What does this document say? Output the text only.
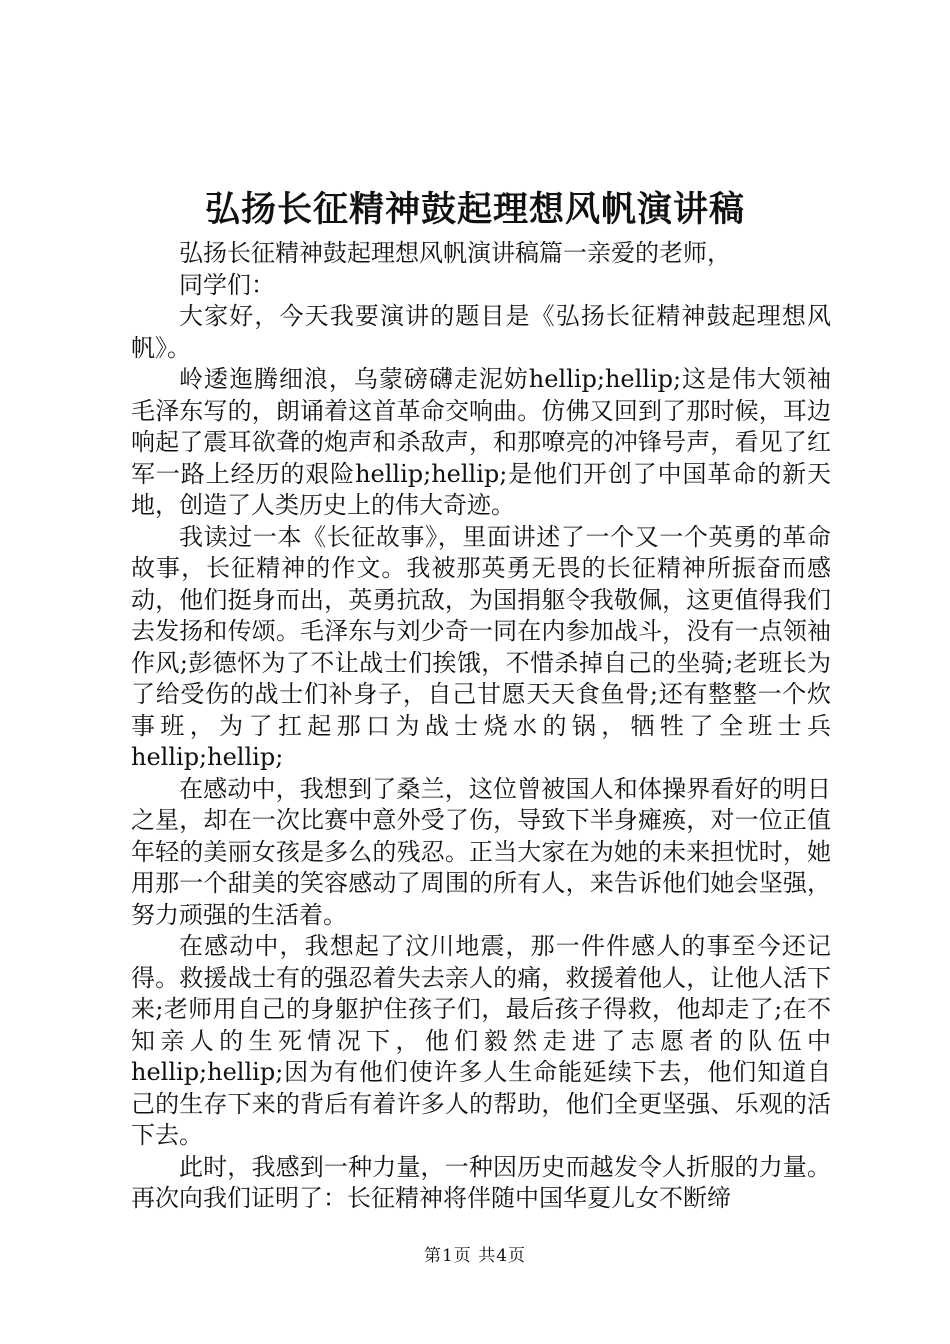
弘扬长征精神鼓起理想风帆演讲稿

弘扬长征精神鼓起理想风帆演讲稿篇一亲爱的老师，

同学们：

大家好，今天我要演讲的题目是《弘扬长征精神鼓起理想风帆》。

岭逶迤腾细浪，乌蒙磅礴走泥妨hellip;hellip;这是伟大领袖毛泽东写的，朗诵着这首革命交响曲。仿佛又回到了那时候，耳边响起了震耳欲聋的炮声和杀敌声，和那嘹亮的冲锋号声，看见了红军一路上经历的艰险hellip;hellip;是他们开创了中国革命的新天地，创造了人类历史上的伟大奇迹。

我读过一本《长征故事》，里面讲述了一个又一个英勇的革命故事，长征精神的作文。我被那英勇无畏的长征精神所振奋而感动，他们挺身而出，英勇抗敌，为国捐躯令我敬佩，这更值得我们去发扬和传颂。毛泽东与刘少奇一同在内参加战斗，没有一点领袖作风;彭德怀为了不让战士们挨饿，不惜杀掉自己的坐骑;老班长为了给受伤的战士们补身子，自己甘愿天天食鱼骨;还有整整一个炊事班，为了扛起那口为战士烧水的锅，牺牲了全班士兵hellip;hellip;

在感动中，我想到了桑兰，这位曾被国人和体操界看好的明日之星，却在一次比赛中意外受了伤，导致下半身瘫痪，对一位正值年轻的美丽女孩是多么的残忍。正当大家在为她的未来担忧时，她用那一个甜美的笑容感动了周围的所有人，来告诉他们她会坚强，努力顽强的生活着。

在感动中，我想起了汶川地震，那一件件感人的事至今还记得。救援战士有的强忍着失去亲人的痛，救援着他人，让他人活下来;老师用自己的身躯护住孩子们，最后孩子得救，他却走了;在不知亲人的生死情况下，他们毅然走进了志愿者的队伍中hellip;hellip;因为有他们使许多人生命能延续下去，他们知道自己的生存下来的背后有着许多人的帮助，他们全更坚强、乐观的活下去。

此时，我感到一种力量，一种因历史而越发令人折服的力量。再次向我们证明了：长征精神将伴随中国华夏儿女不断缔

第1页 共4页
